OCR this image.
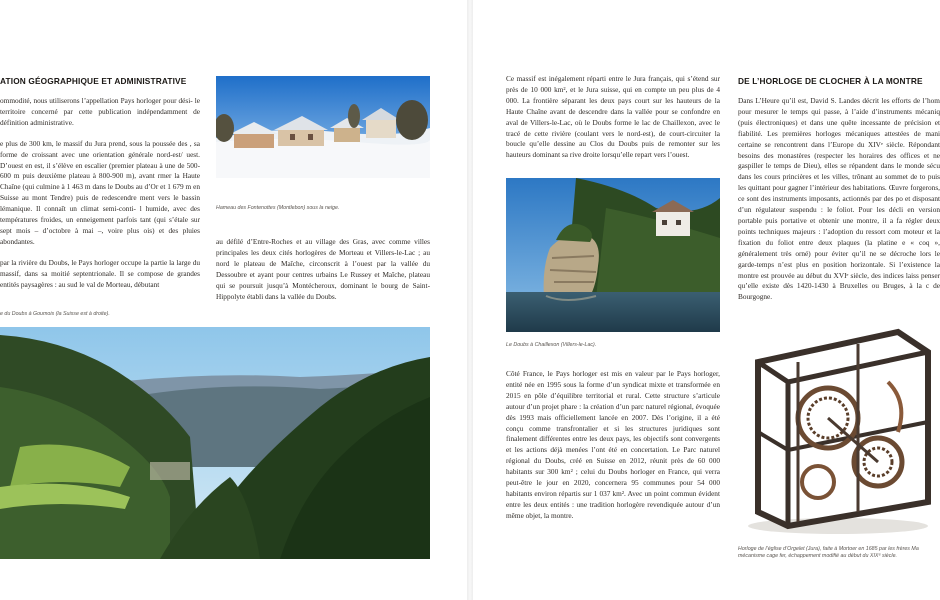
ATION GÉOGRAPHIQUE ET ADMINISTRATIVE

ommodité, nous utiliserons l’appellation Pays horloger pour dési- le territoire concerné par cette publication indépendamment de définition administrative.

e plus de 300 km, le massif du Jura prend, sous la poussée des , sa forme de croissant avec une orientation générale nord-est/ uest. D’ouest en est, il s’élève en escalier (premier plateau à une de 500-600 m puis deuxième plateau à 800-900 m), avant rmer la Haute Chaîne (qui culmine à 1 463 m dans le Doubs au d’Or et 1 679 m en Suisse au mont Tendre) puis de redescendre ment vers le bassin lémanique. Il connaît un climat semi-conti- l humide, avec des températures froides, un enneigement parfois tant (qui s’étale sur sept mois – d’octobre à mai –, voire plus ois) et des pluies abondantes.

par la rivière du Doubs, le Pays horloger occupe la partie la large du massif, dans sa moitié septentrionale. Il se compose de grandes entités paysagères : au sud le val de Morteau, débutant

Hameau des Fontenottes (Montlebon) sous la neige.

au défilé d’Entre-Roches et au village des Gras, avec comme villes principales les deux cités horlogères de Morteau et Villers-le-Lac ; au nord le plateau de Maîche, circonscrit à l’ouest par la vallée du Dessoubre et ayant pour centres urbains Le Russey et Maîche, plateau qui se poursuit jusqu’à Montécheroux, dominant le bourg de Saint-Hippolyte établi dans la vallée du Doubs.

e du Doubs à Goumois (la Suisse est à droite).

Ce massif est inégalement réparti entre le Jura français, qui s’étend sur près de 10 000 km², et le Jura suisse, qui en compte un peu plus de 4 000. La frontière séparant les deux pays court sur les hauteurs de la Haute Chaîne avant de descendre dans la vallée pour se confondre en aval de Villers-le-Lac, où le Doubs forme le lac de Chaillexon, avec le tracé de cette rivière (coulant vers le nord-est), de court-circuiter la boucle qu’elle dessine au Clos du Doubs puis de remonter sur les hauteurs dominant sa rive droite lorsqu’elle repart vers l’ouest.

Le Doubs à Chaillexon (Villers-le-Lac).

Côté France, le Pays horloger est mis en valeur par le Pays horloger, entité née en 1995 sous la forme d’un syndicat mixte et transformée en 2015 en pôle d’équilibre territorial et rural. Cette structure s’articule autour d’un projet phare : la création d’un parc naturel régional, évoquée dès 1993 mais officiellement lancée en 2007. Dès l’origine, il a été conçu comme transfrontalier et si les structures juridiques sont finalement différentes entre les deux pays, les objectifs sont convergents et les actions déjà menées l’ont été en concertation. Le Parc naturel régional du Doubs, créé en Suisse en 2012, réunit près de 60 000 habitants sur 300 km² ; celui du Doubs horloger en France, qui verra peut-être le jour en 2020, concernera 95 communes pour 54 000 habitants environ répartis sur 1 037 km². Avec un point commun évident entre les deux entités : une tradition horlogère revendiquée autour d’un même objet, la montre.

DE L’HORLOGE DE CLOCHER À LA MONTRE

Dans L’Heure qu’il est, David S. Landes décrit les efforts de l’hom pour mesurer le temps qui passe, à l’aide d’instruments mécaniq (puis électroniques) et dans une quête incessante de précision et fiabilité. Les premières horloges mécaniques attestées de mani certaine se rencontrent dans l’Europe du XIVᵉ siècle. Répondant besoins des monastères (respecter les horaires des offices et ne gaspiller le temps de Dieu), elles se répandent dans le monde sécu dans les cours princières et les villes, trônant au sommet de to puis les quittant pour gagner l’intérieur des habitations. Œuvre forgerons, ce sont des instruments imposants, actionnés par des po et disposant d’un régulateur suspendu : le foliot. Pour les décli en version portable puis portative et obtenir une montre, il a fa régler deux points techniques majeurs : l’adoption du ressort com moteur et la fixation du foliot entre deux plaques (la platine e « coq », généralement très orné) pour éviter qu’il ne se décroche lors le garde-temps n’est plus en position horizontale. Si l’existence la montre est prouvée au début du XVIᵉ siècle, des indices laiss penser qu’elle existe dès 1420-1430 à Bruxelles ou Bruges, à la c de Bourgogne.

Horloge de l’église d’Orgelet (Jura), faite à Mortoer en 1685 par les frères Ma mécanisme cage fer, échappement modifié au début du XIXᵉ siècle.
